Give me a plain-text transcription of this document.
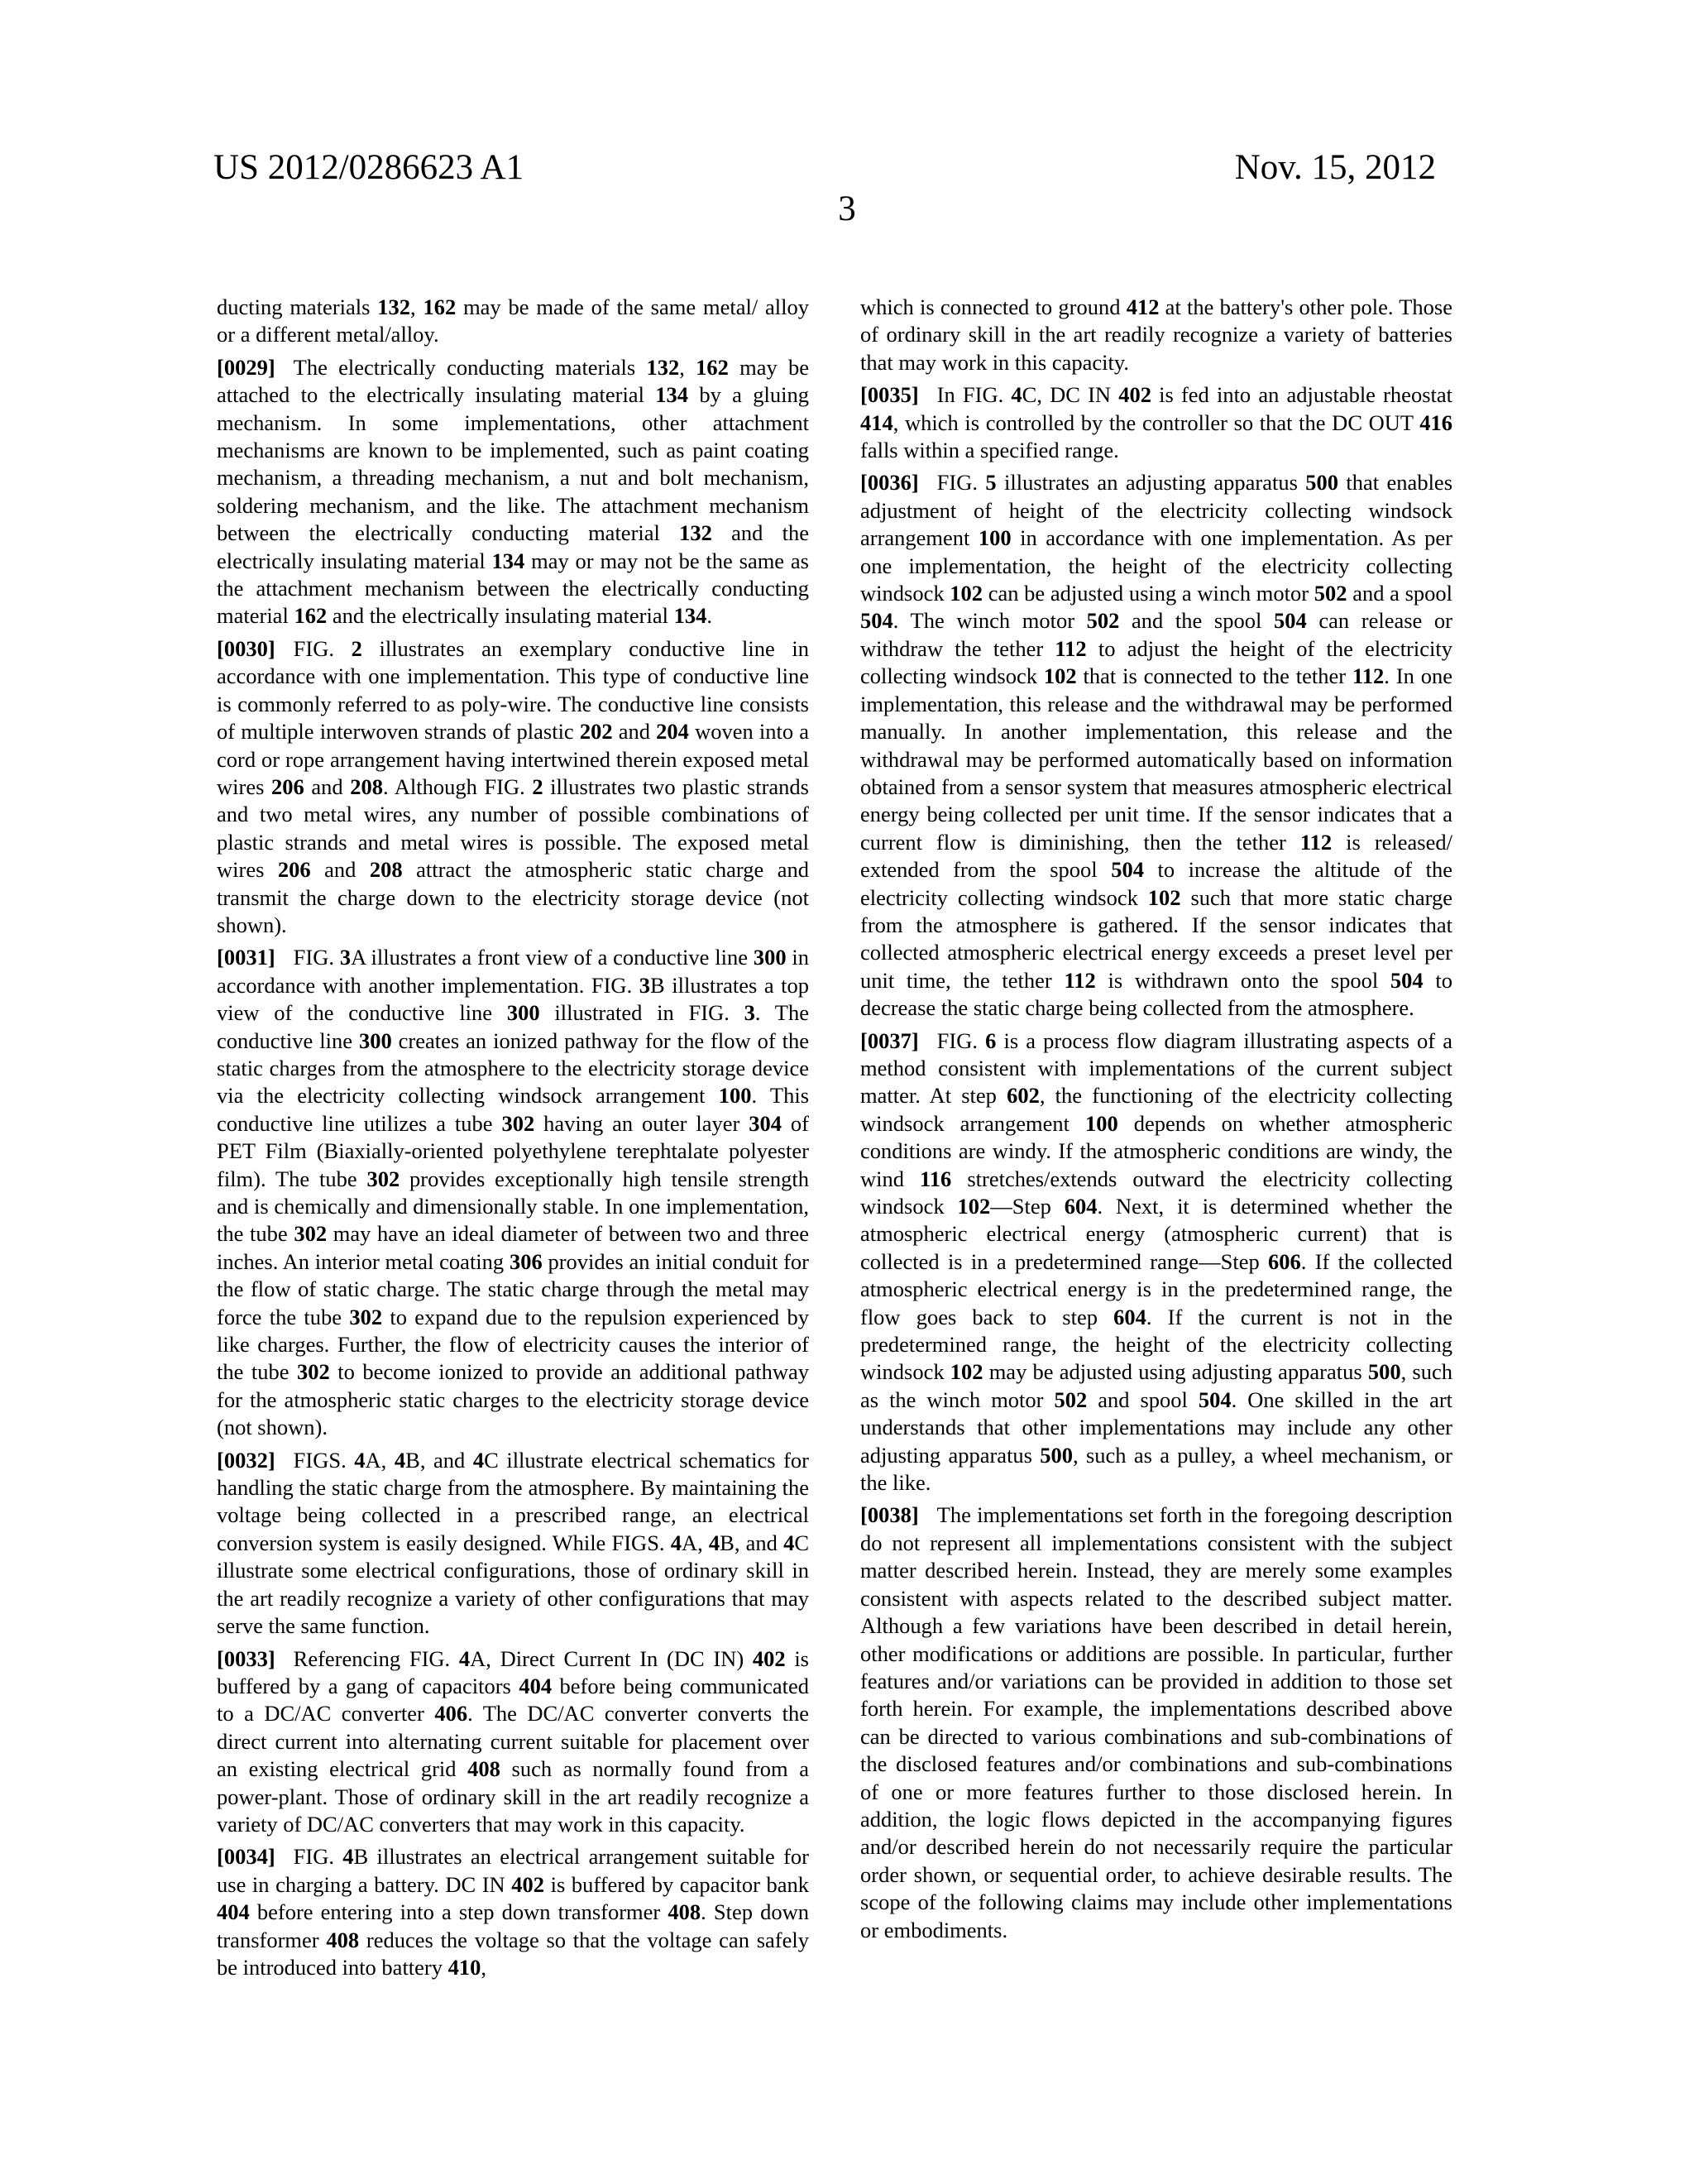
US 2012/0286623 A1	Nov. 15, 2012
3

ducting materials 132, 162 may be made of the same metal/ alloy or a different metal/alloy.

[0029] The electrically conducting materials 132, 162 may be attached to the electrically insulating material 134 by a gluing mechanism. In some implementations, other attachment mechanisms are known to be implemented, such as paint coating mechanism, a threading mechanism, a nut and bolt mechanism, soldering mechanism, and the like. The attachment mechanism between the electrically conducting material 132 and the electrically insulating material 134 may or may not be the same as the attachment mechanism between the electrically conducting material 162 and the electrically insulating material 134.

[0030] FIG. 2 illustrates an exemplary conductive line in accordance with one implementation. This type of conductive line is commonly referred to as poly-wire. The conductive line consists of multiple interwoven strands of plastic 202 and 204 woven into a cord or rope arrangement having intertwined therein exposed metal wires 206 and 208. Although FIG. 2 illustrates two plastic strands and two metal wires, any number of possible combinations of plastic strands and metal wires is possible. The exposed metal wires 206 and 208 attract the atmospheric static charge and transmit the charge down to the electricity storage device (not shown).

[0031] FIG. 3A illustrates a front view of a conductive line 300 in accordance with another implementation. FIG. 3B illustrates a top view of the conductive line 300 illustrated in FIG. 3. The conductive line 300 creates an ionized pathway for the flow of the static charges from the atmosphere to the electricity storage device via the electricity collecting windsock arrangement 100. This conductive line utilizes a tube 302 having an outer layer 304 of PET Film (Biaxially-oriented polyethylene terephtalate polyester film). The tube 302 provides exceptionally high tensile strength and is chemically and dimensionally stable. In one implementation, the tube 302 may have an ideal diameter of between two and three inches. An interior metal coating 306 provides an initial conduit for the flow of static charge. The static charge through the metal may force the tube 302 to expand due to the repulsion experienced by like charges. Further, the flow of electricity causes the interior of the tube 302 to become ionized to provide an additional pathway for the atmospheric static charges to the electricity storage device (not shown).

[0032] FIGS. 4A, 4B, and 4C illustrate electrical schematics for handling the static charge from the atmosphere. By maintaining the voltage being collected in a prescribed range, an electrical conversion system is easily designed. While FIGS. 4A, 4B, and 4C illustrate some electrical configurations, those of ordinary skill in the art readily recognize a variety of other configurations that may serve the same function.

[0033] Referencing FIG. 4A, Direct Current In (DC IN) 402 is buffered by a gang of capacitors 404 before being communicated to a DC/AC converter 406. The DC/AC converter converts the direct current into alternating current suitable for placement over an existing electrical grid 408 such as normally found from a power-plant. Those of ordinary skill in the art readily recognize a variety of DC/AC converters that may work in this capacity.

[0034] FIG. 4B illustrates an electrical arrangement suitable for use in charging a battery. DC IN 402 is buffered by capacitor bank 404 before entering into a step down transformer 408. Step down transformer 408 reduces the voltage so that the voltage can safely be introduced into battery 410,

which is connected to ground 412 at the battery's other pole. Those of ordinary skill in the art readily recognize a variety of batteries that may work in this capacity.

[0035] In FIG. 4C, DC IN 402 is fed into an adjustable rheostat 414, which is controlled by the controller so that the DC OUT 416 falls within a specified range.

[0036] FIG. 5 illustrates an adjusting apparatus 500 that enables adjustment of height of the electricity collecting windsock arrangement 100 in accordance with one implementation. As per one implementation, the height of the electricity collecting windsock 102 can be adjusted using a winch motor 502 and a spool 504. The winch motor 502 and the spool 504 can release or withdraw the tether 112 to adjust the height of the electricity collecting windsock 102 that is connected to the tether 112. In one implementation, this release and the withdrawal may be performed manually. In another implementation, this release and the withdrawal may be performed automatically based on information obtained from a sensor system that measures atmospheric electrical energy being collected per unit time. If the sensor indicates that a current flow is diminishing, then the tether 112 is released/ extended from the spool 504 to increase the altitude of the electricity collecting windsock 102 such that more static charge from the atmosphere is gathered. If the sensor indicates that collected atmospheric electrical energy exceeds a preset level per unit time, the tether 112 is withdrawn onto the spool 504 to decrease the static charge being collected from the atmosphere.

[0037] FIG. 6 is a process flow diagram illustrating aspects of a method consistent with implementations of the current subject matter. At step 602, the functioning of the electricity collecting windsock arrangement 100 depends on whether atmospheric conditions are windy. If the atmospheric conditions are windy, the wind 116 stretches/extends outward the electricity collecting windsock 102—Step 604. Next, it is determined whether the atmospheric electrical energy (atmospheric current) that is collected is in a predetermined range—Step 606. If the collected atmospheric electrical energy is in the predetermined range, the flow goes back to step 604. If the current is not in the predetermined range, the height of the electricity collecting windsock 102 may be adjusted using adjusting apparatus 500, such as the winch motor 502 and spool 504. One skilled in the art understands that other implementations may include any other adjusting apparatus 500, such as a pulley, a wheel mechanism, or the like.

[0038] The implementations set forth in the foregoing description do not represent all implementations consistent with the subject matter described herein. Instead, they are merely some examples consistent with aspects related to the described subject matter. Although a few variations have been described in detail herein, other modifications or additions are possible. In particular, further features and/or variations can be provided in addition to those set forth herein. For example, the implementations described above can be directed to various combinations and sub-combinations of the disclosed features and/or combinations and sub-combinations of one or more features further to those disclosed herein. In addition, the logic flows depicted in the accompanying figures and/or described herein do not necessarily require the particular order shown, or sequential order, to achieve desirable results. The scope of the following claims may include other implementations or embodiments.
